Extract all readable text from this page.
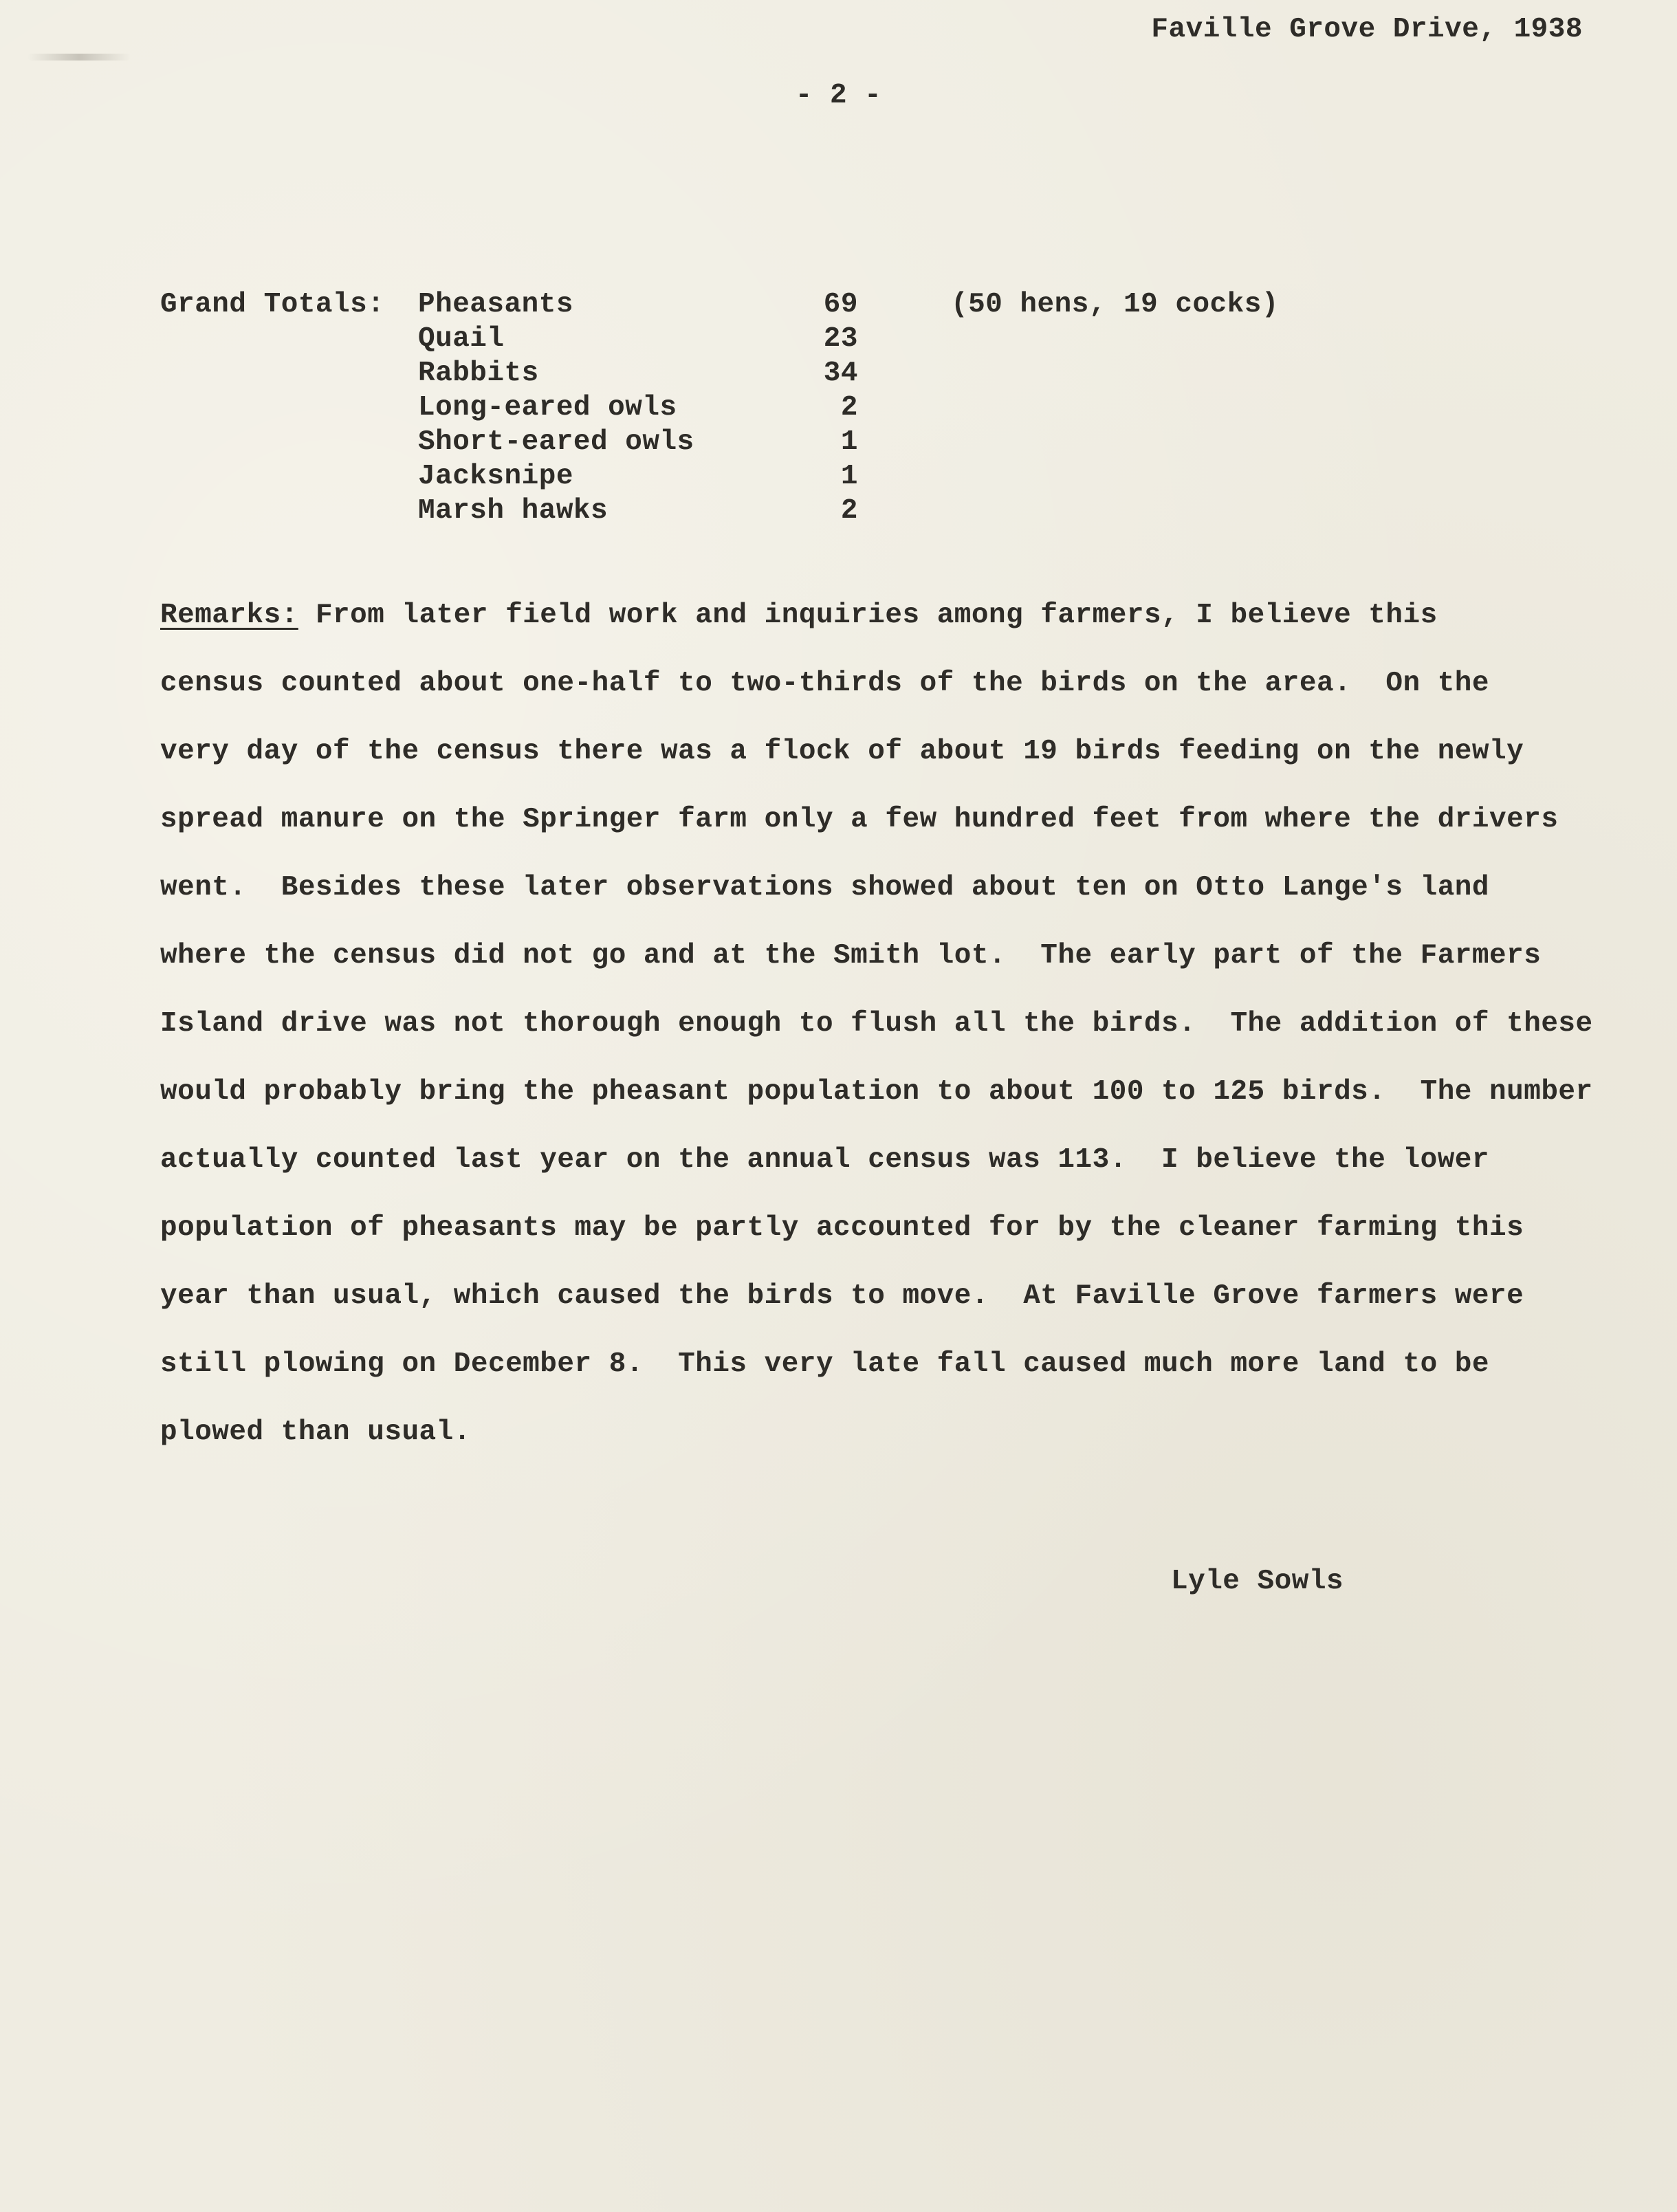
Faville Grove Drive, 1938
- 2 -
Grand Totals: Pheasants	69	(50 hens, 19 cocks)
Quail	23
Rabbits	34
Long-eared owls	2
Short-eared owls	1
Jacksnipe	1
Marsh hawks	2
Remarks: From later field work and inquiries among farmers, I believe this
census counted about one-half to two-thirds of the birds on the area.  On the
very day of the census there was a flock of about 19 birds feeding on the newly
spread manure on the Springer farm only a few hundred feet from where the drivers
went.  Besides these later observations showed about ten on Otto Lange's land
where the census did not go and at the Smith lot.  The early part of the Farmers
Island drive was not thorough enough to flush all the birds.  The addition of these
would probably bring the pheasant population to about 100 to 125 birds.  The number
actually counted last year on the annual census was 113.  I believe the lower
population of pheasants may be partly accounted for by the cleaner farming this
year than usual, which caused the birds to move.  At Faville Grove farmers were
still plowing on December 8.  This very late fall caused much more land to be
plowed than usual.
Lyle Sowls
